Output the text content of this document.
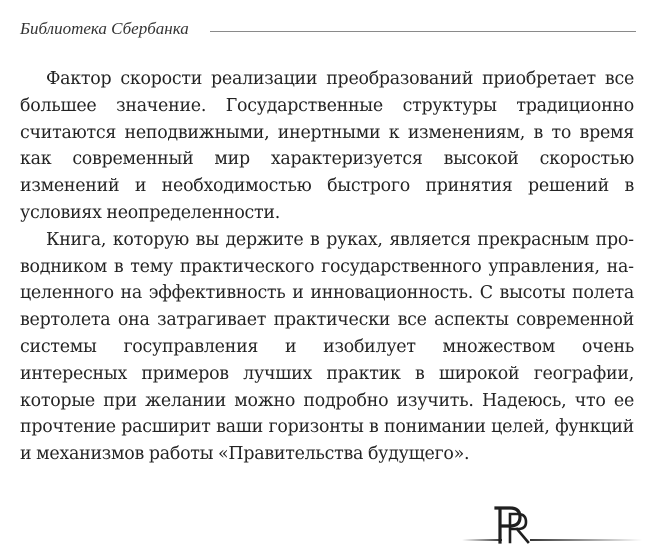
Библиотека Сбербанка

Фактор скорости реализации преобразований приобретает все большее значение. Государственные структуры традиционно считаются неподвижными, инертными к изменениям, в то время как современный мир характеризуется высокой скоростью изменений и необходимостью быстрого принятия решений в условиях неопределенности.

Книга, которую вы держите в руках, является прекрасным проводником в тему практического государственного управления, нацеленного на эффективность и инновационность. С высоты полета вертолета она затрагивает практически все аспекты современной системы госуправления и изобилует множеством очень интересных примеров лучших практик в широкой географии, которые при желании можно подробно изучить. Надеюсь, что ее прочтение расширит ваши горизонты в понимании целей, функций и механизмов работы «Правительства будущего».
